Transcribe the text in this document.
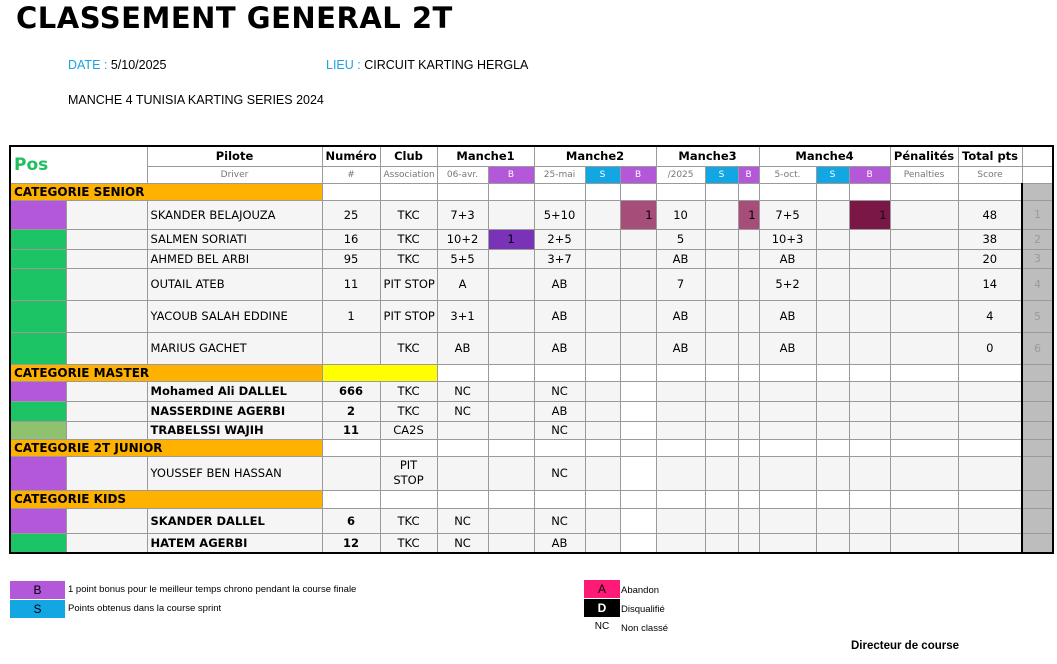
CLASSEMENT GENERAL 2T
DATE : 5/10/2025	LIEU : CIRCUIT KARTING HERGLA
MANCHE 4 TUNISIA KARTING SERIES 2024
Pos		Pilote	Numéro	Club	Manche1		Manche2			Manche3			Manche4			Pénalités	Total pts	
		Driver	#	Association	06-avr.	B	25-mai	S	B	/2025	S	B	5-oct.	S	B	Penalties	Score	
CATEGORIE SENIOR																		
		SKANDER BELAJOUZA	25	TKC	7+3		5+10		1	10		1	7+5		1		48	1
		SALMEN SORIATI	16	TKC	10+2	1	2+5			5			10+3				38	2
		AHMED BEL ARBI	95	TKC	5+5		3+7			AB			AB				20	3
		OUTAIL ATEB	11	PIT STOP	A		AB			7			5+2				14	4
		YACOUB SALAH EDDINE	1	PIT STOP	3+1		AB			AB			AB				4	5
		MARIUS GACHET		TKC	AB		AB			AB			AB				0	6
CATEGORIE MASTER																		
		Mohamed Ali DALLEL	666	TKC	NC		NC											
		NASSERDINE AGERBI	2	TKC	NC		AB											
		TRABELSSI WAJIH	11	CA2S			NC											
CATEGORIE 2T JUNIOR																		
		YOUSSEF BEN HASSAN		PIT
STOP			NC											
CATEGORIE KIDS																		
		SKANDER DALLEL	6	TKC	NC		NC											
		HATEM AGERBI	12	TKC	NC		AB											
B	1 point bonus pour le meilleur temps chrono pendant la course finale
S	Points obtenus dans la course sprint
A	Abandon
D	Disqualifié
NC	Non classé
Directeur de course
